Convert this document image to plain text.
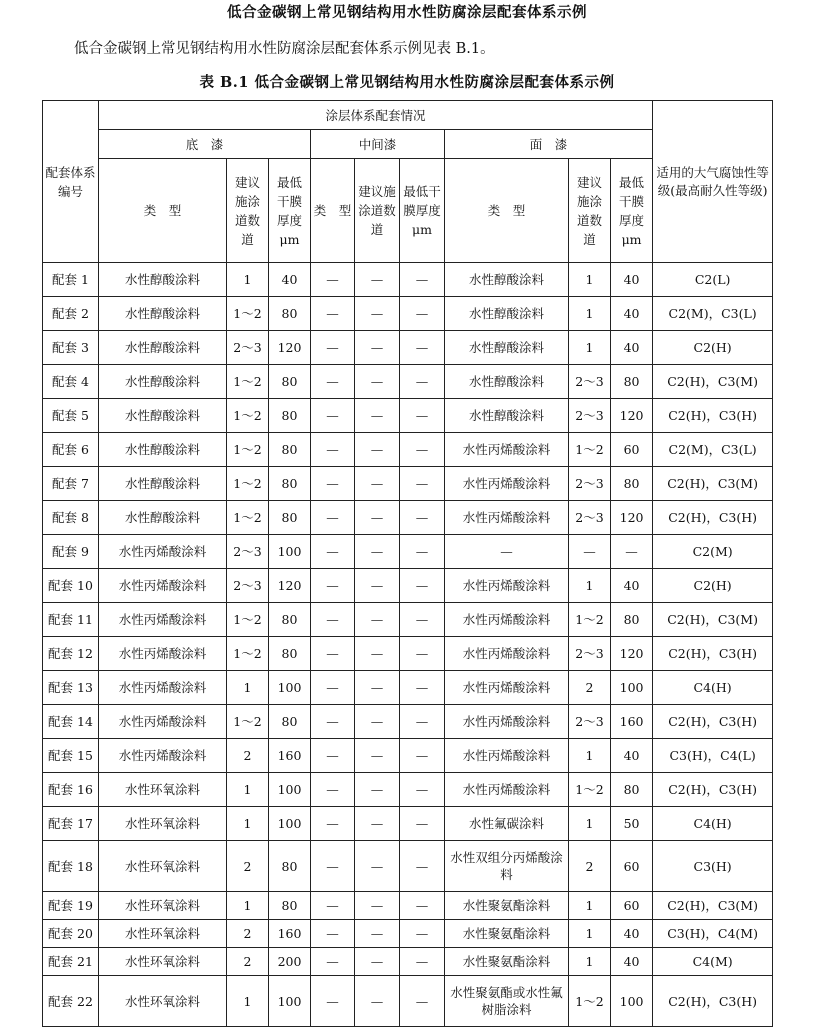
低合金碳钢上常见钢结构用水性防腐涂层配套体系示例
低合金碳钢上常见钢结构用水性防腐涂层配套体系示例见表 B.1。
表 B.1 低合金碳钢上常见钢结构用水性防腐涂层配套体系示例
配套体系编号	涂层体系配套情况									适用的大气腐蚀性等级(最高耐久性等级)
	底　漆			中间漆			面　漆			
	类　型	建议施涂道数道	最低干膜厚度μm	类　型	建议施涂道数道	最低干膜厚度μm	类　型	建议施涂道数道	最低干膜厚度μm	
配套 1	水性醇酸涂料	1	40	—	—	—	水性醇酸涂料	1	40	C2(L)
配套 2	水性醇酸涂料	1～2	80	—	—	—	水性醇酸涂料	1	40	C2(M)，C3(L)
配套 3	水性醇酸涂料	2～3	120	—	—	—	水性醇酸涂料	1	40	C2(H)
配套 4	水性醇酸涂料	1～2	80	—	—	—	水性醇酸涂料	2～3	80	C2(H)，C3(M)
配套 5	水性醇酸涂料	1～2	80	—	—	—	水性醇酸涂料	2～3	120	C2(H)，C3(H)
配套 6	水性醇酸涂料	1～2	80	—	—	—	水性丙烯酸涂料	1～2	60	C2(M)，C3(L)
配套 7	水性醇酸涂料	1～2	80	—	—	—	水性丙烯酸涂料	2～3	80	C2(H)，C3(M)
配套 8	水性醇酸涂料	1～2	80	—	—	—	水性丙烯酸涂料	2～3	120	C2(H)，C3(H)
配套 9	水性丙烯酸涂料	2～3	100	—	—	—	—	—	—	C2(M)
配套 10	水性丙烯酸涂料	2～3	120	—	—	—	水性丙烯酸涂料	1	40	C2(H)
配套 11	水性丙烯酸涂料	1～2	80	—	—	—	水性丙烯酸涂料	1～2	80	C2(H)，C3(M)
配套 12	水性丙烯酸涂料	1～2	80	—	—	—	水性丙烯酸涂料	2～3	120	C2(H)，C3(H)
配套 13	水性丙烯酸涂料	1	100	—	—	—	水性丙烯酸涂料	2	100	C4(H)
配套 14	水性丙烯酸涂料	1～2	80	—	—	—	水性丙烯酸涂料	2～3	160	C2(H)，C3(H)
配套 15	水性丙烯酸涂料	2	160	—	—	—	水性丙烯酸涂料	1	40	C3(H)，C4(L)
配套 16	水性环氧涂料	1	100	—	—	—	水性丙烯酸涂料	1～2	80	C2(H)，C3(H)
配套 17	水性环氧涂料	1	100	—	—	—	水性氟碳涂料	1	50	C4(H)
配套 18	水性环氧涂料	2	80	—	—	—	水性双组分丙烯酸涂料	2	60	C3(H)
配套 19	水性环氧涂料	1	80	—	—	—	水性聚氨酯涂料	1	60	C2(H)，C3(M)
配套 20	水性环氧涂料	2	160	—	—	—	水性聚氨酯涂料	1	40	C3(H)，C4(M)
配套 21	水性环氧涂料	2	200	—	—	—	水性聚氨酯涂料	1	40	C4(M)
配套 22	水性环氧涂料	1	100	—	—	—	水性聚氨酯或水性氟树脂涂料	1～2	100	C2(H)，C3(H)
